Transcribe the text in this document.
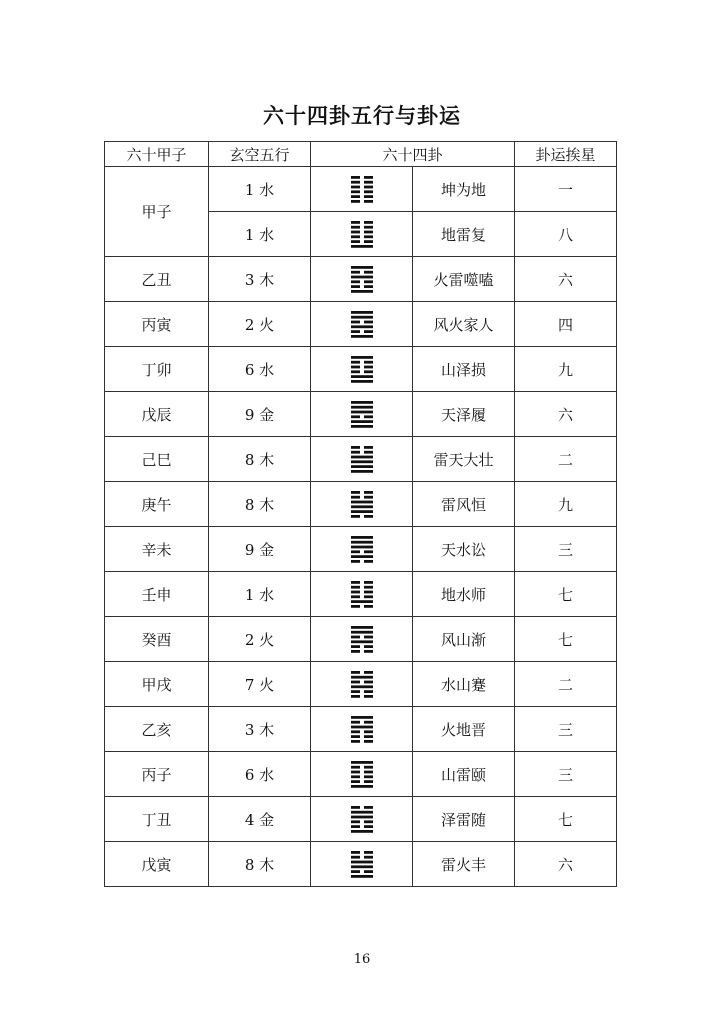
六十四卦五行与卦运
六十甲子	玄空五行	六十四卦		卦运挨星
甲子	1 水		坤为地	一
	1 水		地雷复	八
乙丑	3 木		火雷噬嗑	六
丙寅	2 火		风火家人	四
丁卯	6 水		山泽损	九
戊辰	9 金		天泽履	六
己巳	8 木		雷天大壮	二
庚午	8 木		雷风恒	九
辛未	9 金		天水讼	三
壬申	1 水		地水师	七
癸酉	2 火		风山渐	七
甲戌	7 火		水山蹇	二
乙亥	3 木		火地晋	三
丙子	6 水		山雷颐	三
丁丑	4 金		泽雷随	七
戊寅	8 木		雷火丰	六
16
